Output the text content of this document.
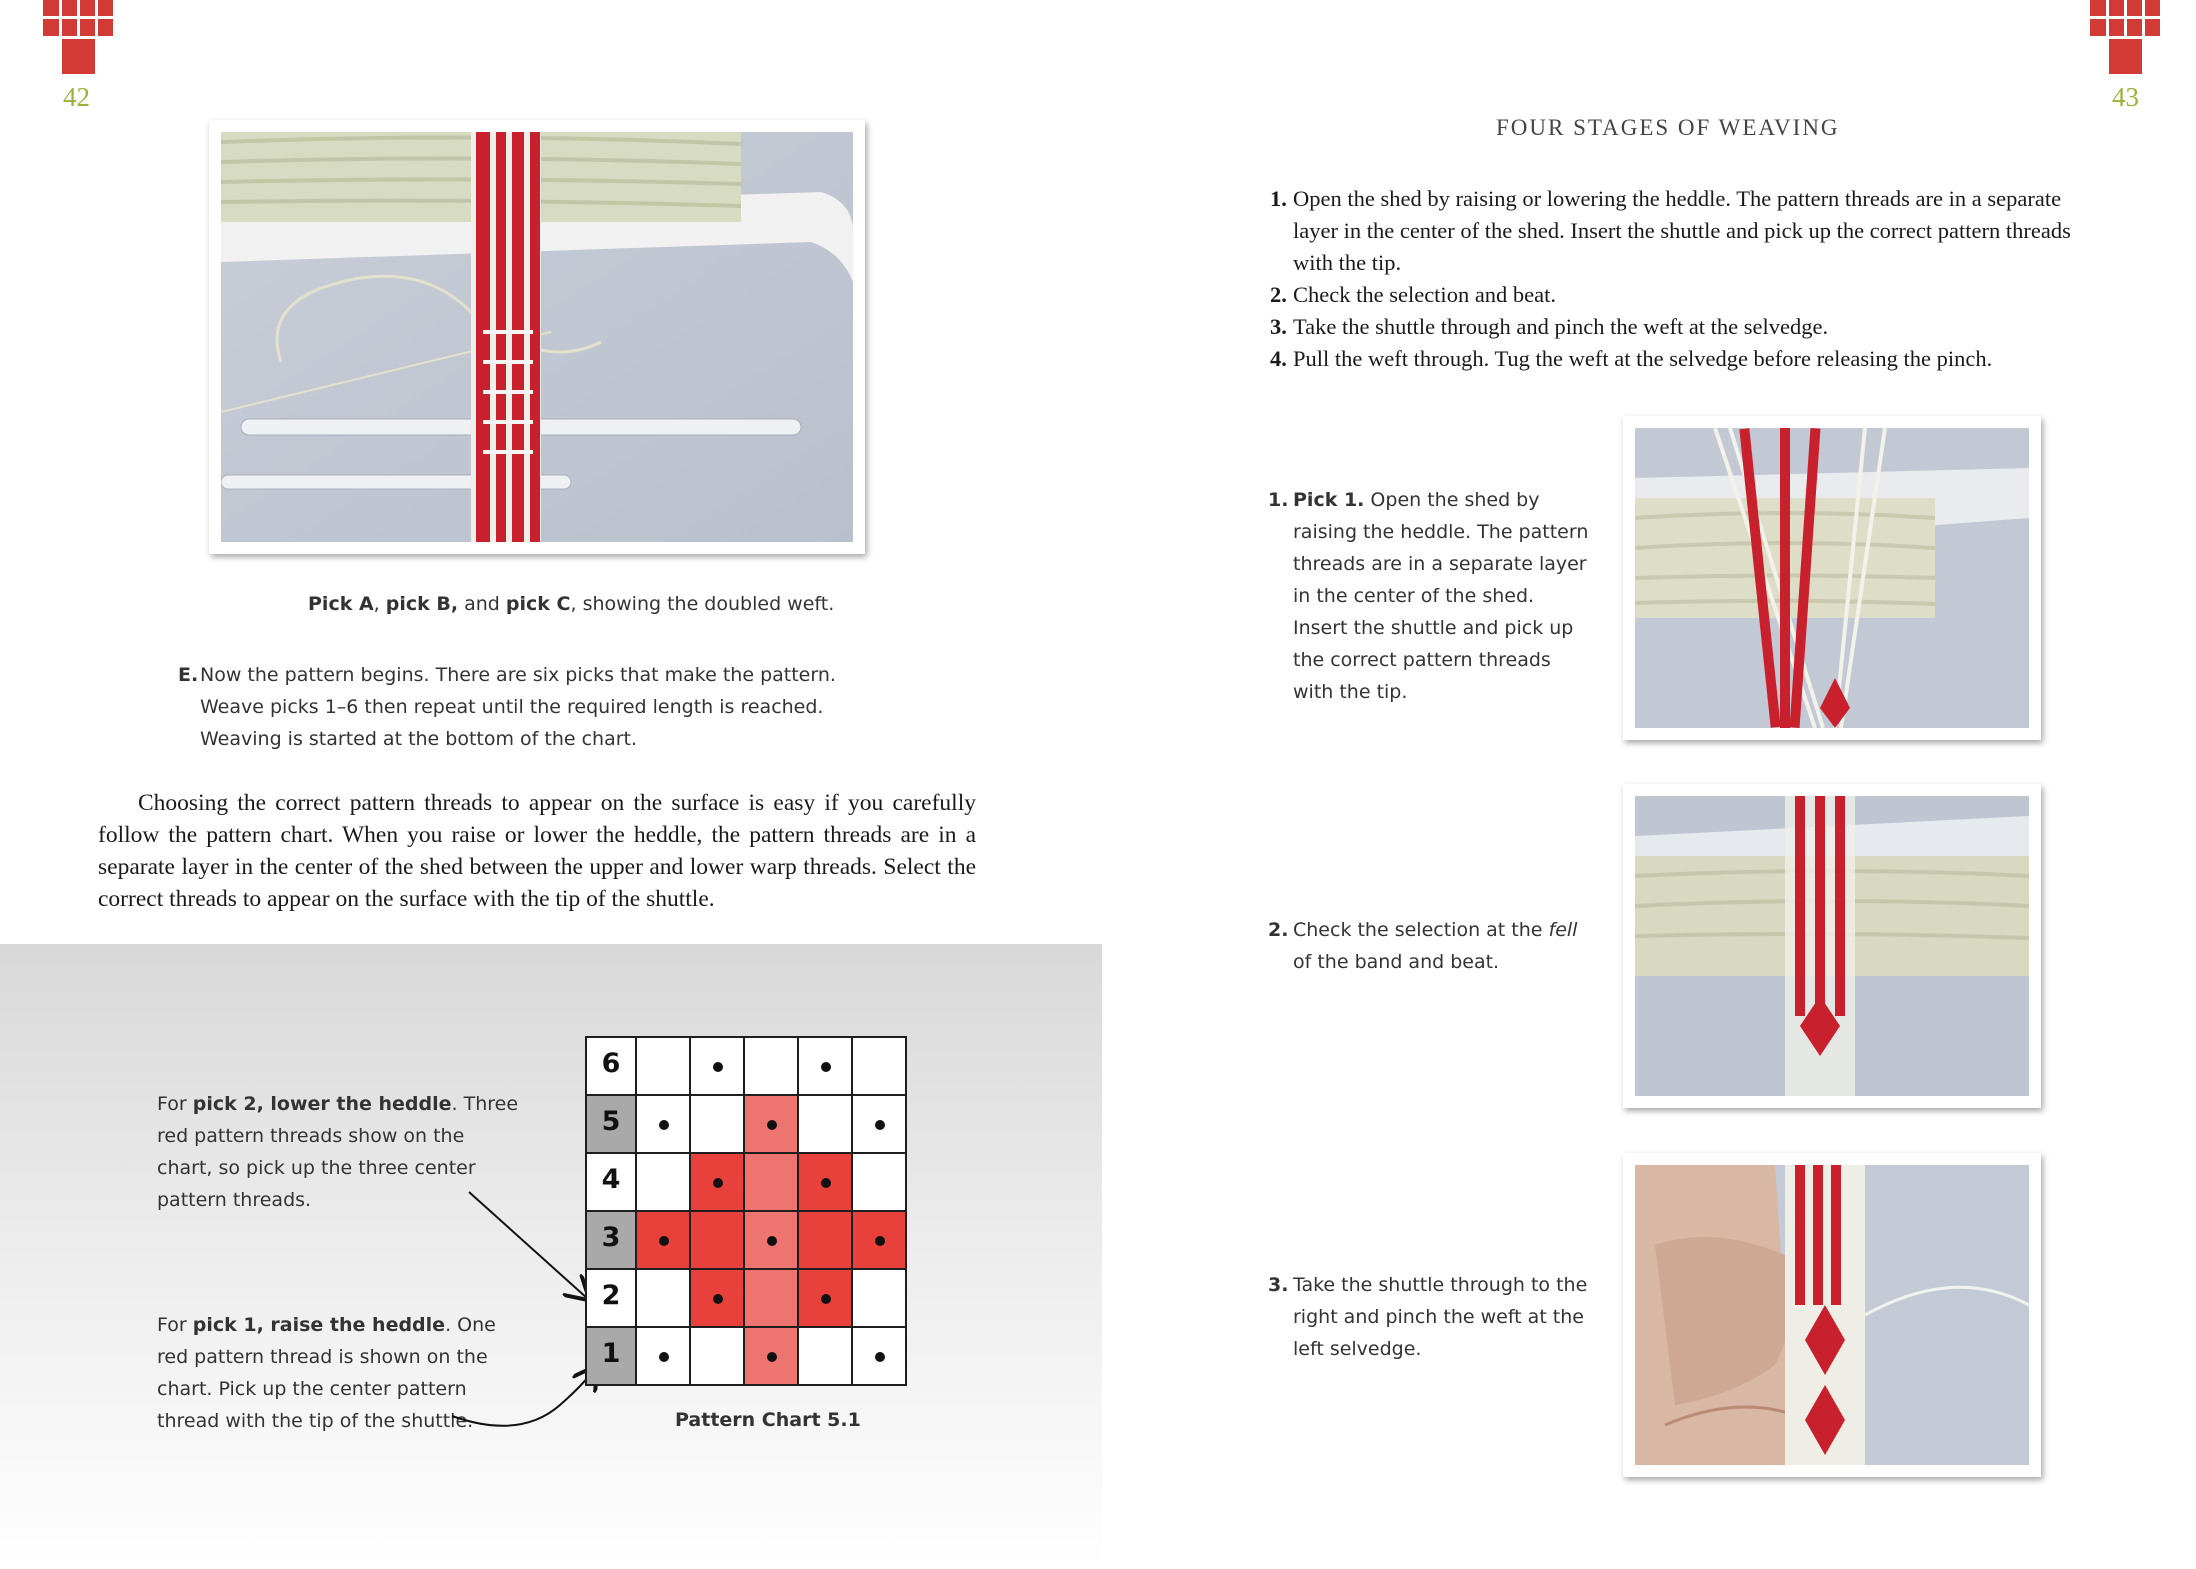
42	43
Pick A, pick B, and pick C, showing the doubled weft.
E. Now the pattern begins. There are six picks that make the pattern. Weave picks 1–6 then repeat until the required length is reached. Weaving is started at the bottom of the chart.

Choosing the correct pattern threads to appear on the surface is easy if you carefully follow the pattern chart. When you raise or lower the heddle, the pattern threads are in a separate layer in the center of the shed between the upper and lower warp threads. Select the correct threads to appear on the surface with the tip of the shuttle.

For pick 2, lower the heddle. Three red pattern threads show on the chart, so pick up the three center pattern threads.
For pick 1, raise the heddle. One red pattern thread is shown on the chart. Pick up the center pattern thread with the tip of the shuttle.
6
5
4
3
2
1
Pattern Chart 5.1
FOUR STAGES OF WEAVING
1. Open the shed by raising or lowering the heddle. The pattern threads are in a separate layer in the center of the shed. Insert the shuttle and pick up the correct pattern threads with the tip.
2. Check the selection and beat.
3. Take the shuttle through and pinch the weft at the selvedge.
4. Pull the weft through. Tug the weft at the selvedge before releasing the pinch.
1. Pick 1. Open the shed by raising the heddle. The pattern threads are in a separate layer in the center of the shed. Insert the shuttle and pick up the correct pattern threads with the tip.
2. Check the selection at the fell of the band and beat.
3. Take the shuttle through to the right and pinch the weft at the left selvedge.
